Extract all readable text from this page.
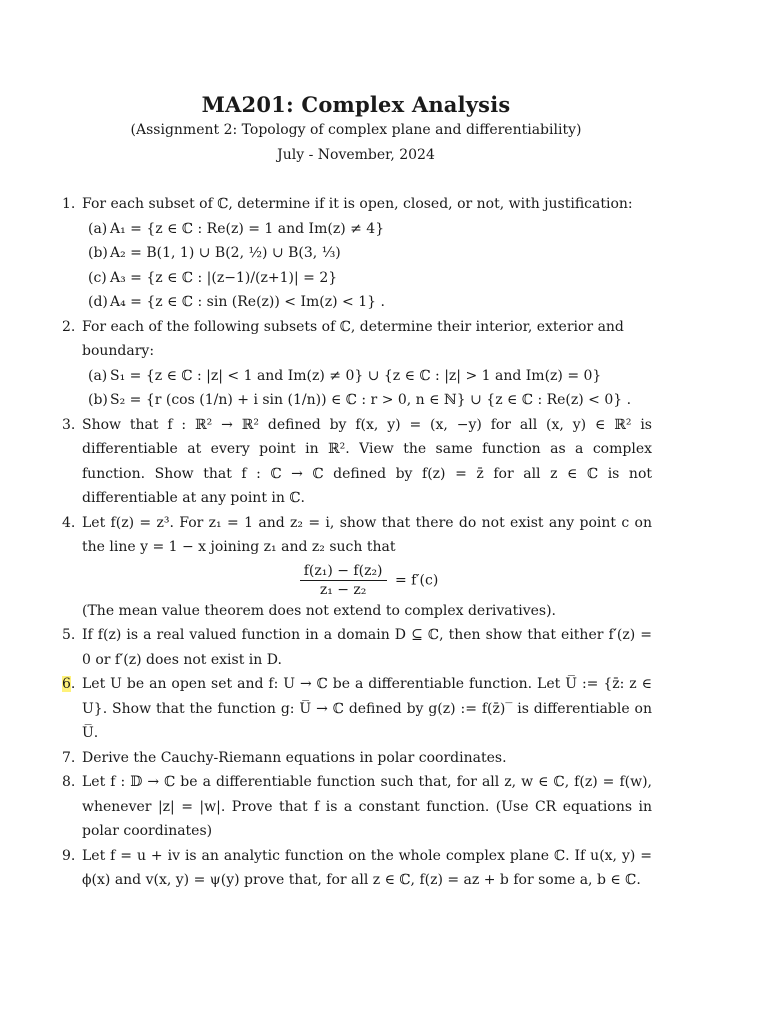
MA201: Complex Analysis
(Assignment 2: Topology of complex plane and differentiability)
July - November, 2024
1. For each subset of ℂ, determine if it is open, closed, or not, with justification:
(a) A₁ = {z ∈ ℂ : Re(z) = 1 and Im(z) ≠ 4}
(b) A₂ = B(1, 1) ∪ B(2, ½) ∪ B(3, ⅓)
(c) A₃ = {z ∈ ℂ : |(z−1)/(z+1)| = 2}
(d) A₄ = {z ∈ ℂ : sin (Re(z)) < Im(z) < 1} .
2. For each of the following subsets of ℂ, determine their interior, exterior and boundary:
(a) S₁ = {z ∈ ℂ : |z| < 1 and Im(z) ≠ 0} ∪ {z ∈ ℂ : |z| > 1 and Im(z) = 0}
(b) S₂ = {r (cos (1/n) + i sin (1/n)) ∈ ℂ : r > 0, n ∈ ℕ} ∪ {z ∈ ℂ : Re(z) < 0} .
3. Show that f : ℝ² → ℝ² defined by f(x, y) = (x, −y) for all (x, y) ∈ ℝ² is differentiable at every point in ℝ². View the same function as a complex function. Show that f : ℂ → ℂ defined by f(z) = z̄ for all z ∈ ℂ is not differentiable at any point in ℂ.
4. Let f(z) = z³. For z₁ = 1 and z₂ = i, show that there do not exist any point c on the line y = 1 − x joining z₁ and z₂ such that
$\frac{\text{f(z₁) − f(z₂)}}{\text{z₁ − z₂}} = f'(c)$
(The mean value theorem does not extend to complex derivatives).
5. If f(z) is a real valued function in a domain D ⊆ ℂ, then show that either f′(z) = 0 or f′(z) does not exist in D.
6. Let U be an open set and f: U → ℂ be a differentiable function. Let U̅ := {z̄: z ∈ U}. Show that the function g: U̅ → ℂ defined by g(z) := f(z̄)‾ is differentiable on U̅.
7. Derive the Cauchy-Riemann equations in polar coordinates.
8. Let f : 𝔻 → ℂ be a differentiable function such that, for all z, w ∈ ℂ, f(z) = f(w), whenever |z| = |w|. Prove that f is a constant function. (Use CR equations in polar coordinates)
9. Let f = u + iv is an analytic function on the whole complex plane ℂ. If u(x, y) = ϕ(x) and v(x, y) = ψ(y) prove that, for all z ∈ ℂ, f(z) = az + b for some a, b ∈ ℂ.
